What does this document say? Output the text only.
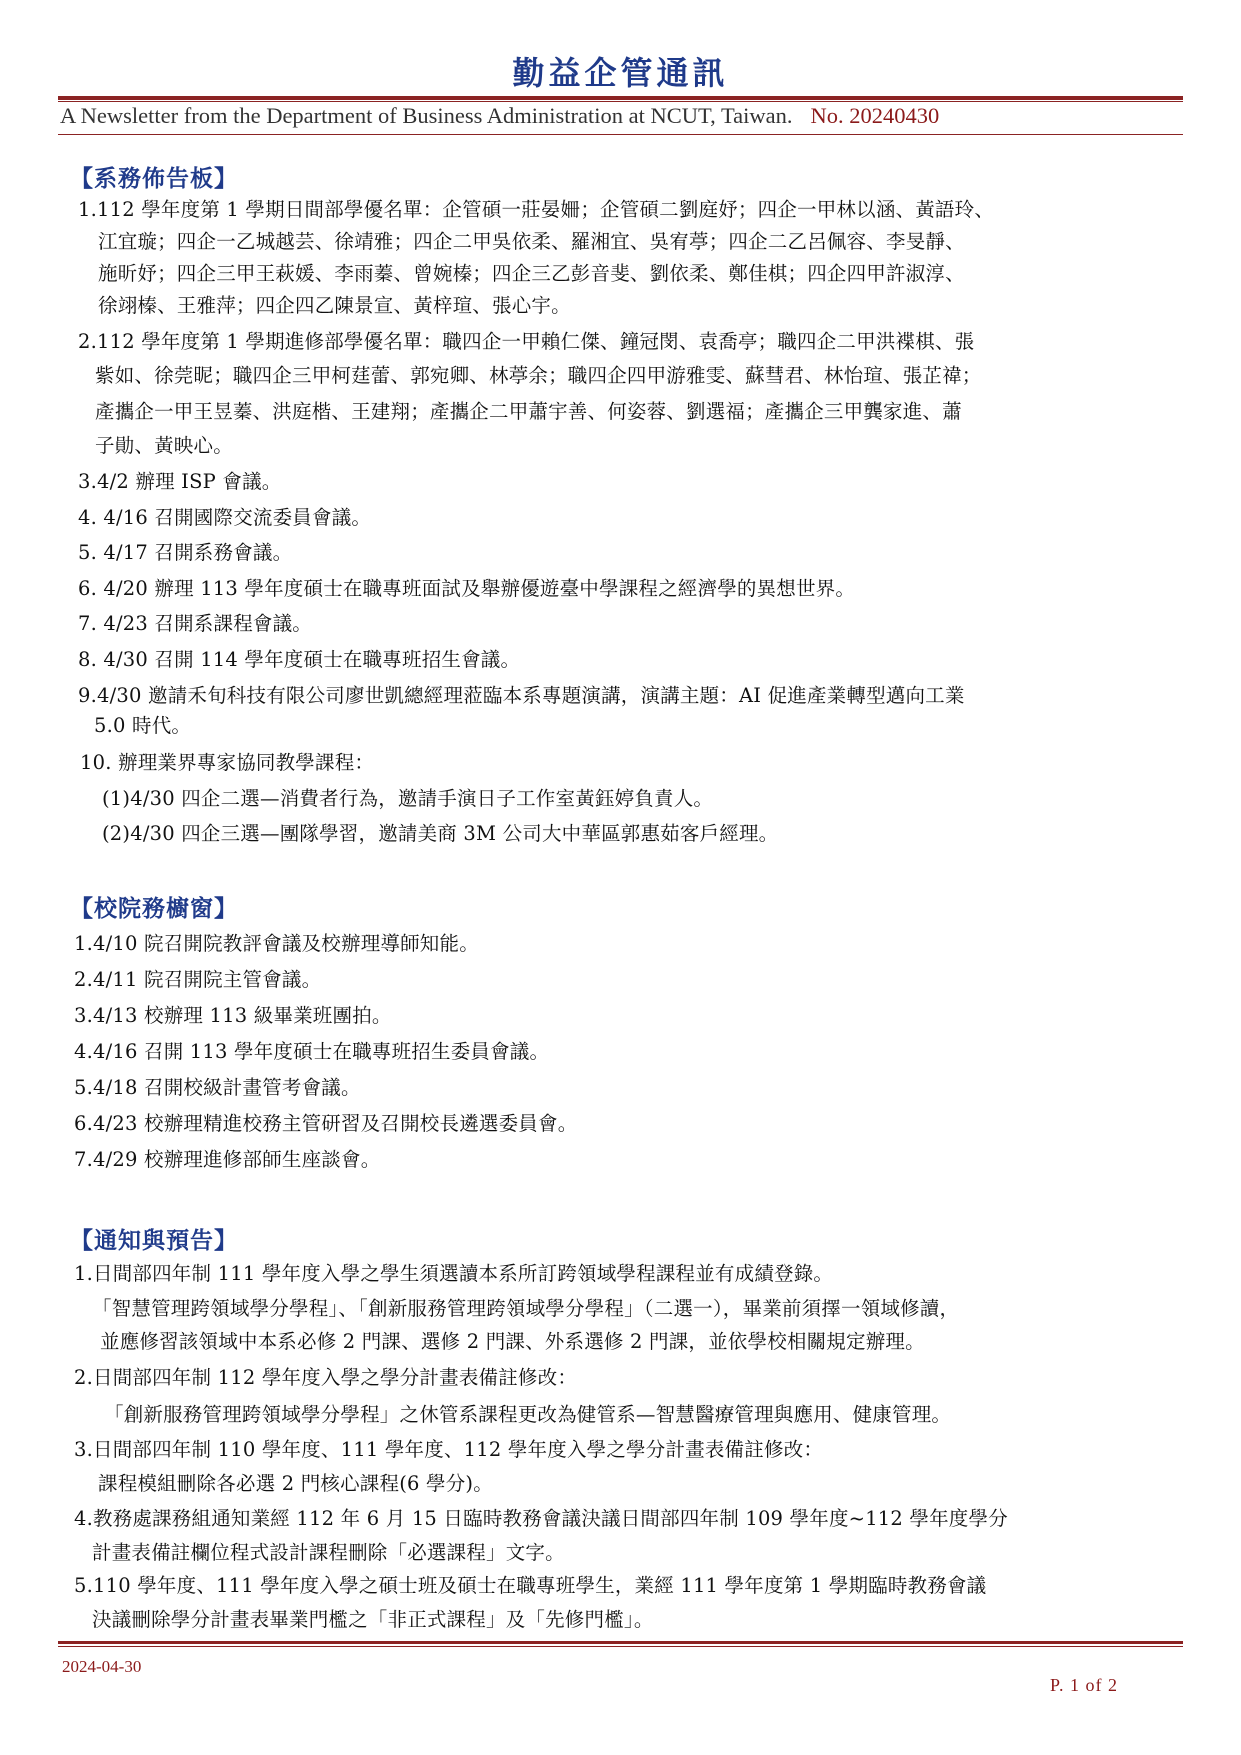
勤益企管通訊
A Newsletter from the Department of Business Administration at NCUT, Taiwan. No. 20240430
【系務佈告板】
1.112 學年度第 1 學期日間部學優名單：企管碩一莊晏姍；企管碩二劉庭妤；四企一甲林以涵、黃語玲、
江宜璇；四企一乙城越芸、徐靖雅；四企二甲吳依柔、羅湘宜、吳宥葶；四企二乙呂佩容、李旻靜、
施昕妤；四企三甲王萩媛、李雨蓁、曾婉榛；四企三乙彭音斐、劉依柔、鄭佳棋；四企四甲許淑淳、
徐翊榛、王雅萍；四企四乙陳景宣、黃梓瑄、張心宇。
2.112 學年度第 1 學期進修部學優名單：職四企一甲賴仁傑、鐘冠閔、袁喬亭；職四企二甲洪褋棋、張
紫如、徐莞昵；職四企三甲柯莛蕾、郭宛卿、林葶余；職四企四甲游雅雯、蘇彗君、林怡瑄、張芷禕；
產攜企一甲王昱蓁、洪庭楷、王建翔；產攜企二甲蕭宇善、何姿蓉、劉選福；產攜企三甲龔家進、蕭
子勛、黃映心。
3.4/2 辦理 ISP 會議。
4. 4/16 召開國際交流委員會議。
5. 4/17 召開系務會議。
6. 4/20 辦理 113 學年度碩士在職專班面試及舉辦優遊臺中學課程之經濟學的異想世界。
7. 4/23 召開系課程會議。
8. 4/30 召開 114 學年度碩士在職專班招生會議。
9.4/30 邀請禾旬科技有限公司廖世凱總經理蒞臨本系專題演講，演講主題：AI 促進產業轉型邁向工業
5.0 時代。
10. 辦理業界專家協同教學課程：
(1)4/30 四企二選—消費者行為，邀請手演日子工作室黃鈺婷負責人。
(2)4/30 四企三選—團隊學習，邀請美商 3M 公司大中華區郭惠茹客戶經理。
【校院務櫥窗】
1.4/10 院召開院教評會議及校辦理導師知能。
2.4/11 院召開院主管會議。
3.4/13 校辦理 113 級畢業班團拍。
4.4/16 召開 113 學年度碩士在職專班招生委員會議。
5.4/18 召開校級計畫管考會議。
6.4/23 校辦理精進校務主管研習及召開校長遴選委員會。
7.4/29 校辦理進修部師生座談會。
【通知與預告】
1.日間部四年制 111 學年度入學之學生須選讀本系所訂跨領域學程課程並有成績登錄。
「智慧管理跨領域學分學程」、「創新服務管理跨領域學分學程」（二選一），畢業前須擇一領域修讀，
並應修習該領域中本系必修 2 門課、選修 2 門課、外系選修 2 門課，並依學校相關規定辦理。
2.日間部四年制 112 學年度入學之學分計畫表備註修改：
「創新服務管理跨領域學分學程」之休管系課程更改為健管系—智慧醫療管理與應用、健康管理。
3.日間部四年制 110 學年度、111 學年度、112 學年度入學之學分計畫表備註修改：
課程模組刪除各必選 2 門核心課程(6 學分)。
4.教務處課務組通知業經 112 年 6 月 15 日臨時教務會議決議日間部四年制 109 學年度~112 學年度學分
計畫表備註欄位程式設計課程刪除「必選課程」文字。
5.110 學年度、111 學年度入學之碩士班及碩士在職專班學生，業經 111 學年度第 1 學期臨時教務會議
決議刪除學分計畫表畢業門檻之「非正式課程」及「先修門檻」。
2024-04-30
P. 1 of 2
